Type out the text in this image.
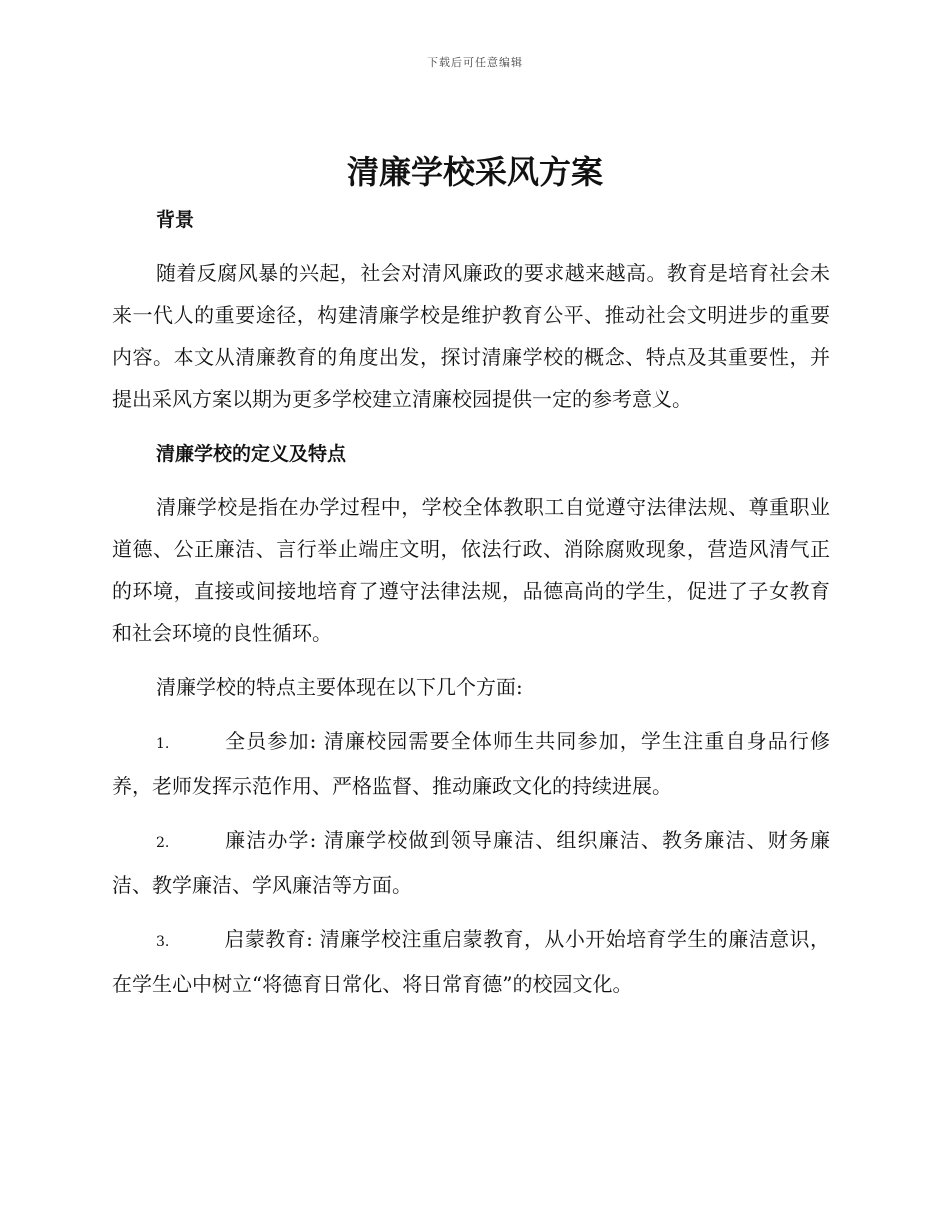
下载后可任意编辑
清廉学校采风方案
背景

随着反腐风暴的兴起，社会对清风廉政的要求越来越高。教育是培育社会未来一代人的重要途径，构建清廉学校是维护教育公平、推动社会文明进步的重要内容。本文从清廉教育的角度出发，探讨清廉学校的概念、特点及其重要性，并提出采风方案以期为更多学校建立清廉校园提供一定的参考意义。

清廉学校的定义及特点

清廉学校是指在办学过程中，学校全体教职工自觉遵守法律法规、尊重职业道德、公正廉洁、言行举止端庄文明，依法行政、消除腐败现象，营造风清气正的环境，直接或间接地培育了遵守法律法规，品德高尚的学生，促进了子女教育和社会环境的良性循环。

清廉学校的特点主要体现在以下几个方面:

1.	全员参加: 清廉校园需要全体师生共同参加，学生注重自身品行修养，老师发挥示范作用、严格监督、推动廉政文化的持续进展。

2.	廉洁办学: 清廉学校做到领导廉洁、组织廉洁、教务廉洁、财务廉洁、教学廉洁、学风廉洁等方面。

3.	启蒙教育: 清廉学校注重启蒙教育，从小开始培育学生的廉洁意识，在学生心中树立“将德育日常化、将日常育德”的校园文化。
